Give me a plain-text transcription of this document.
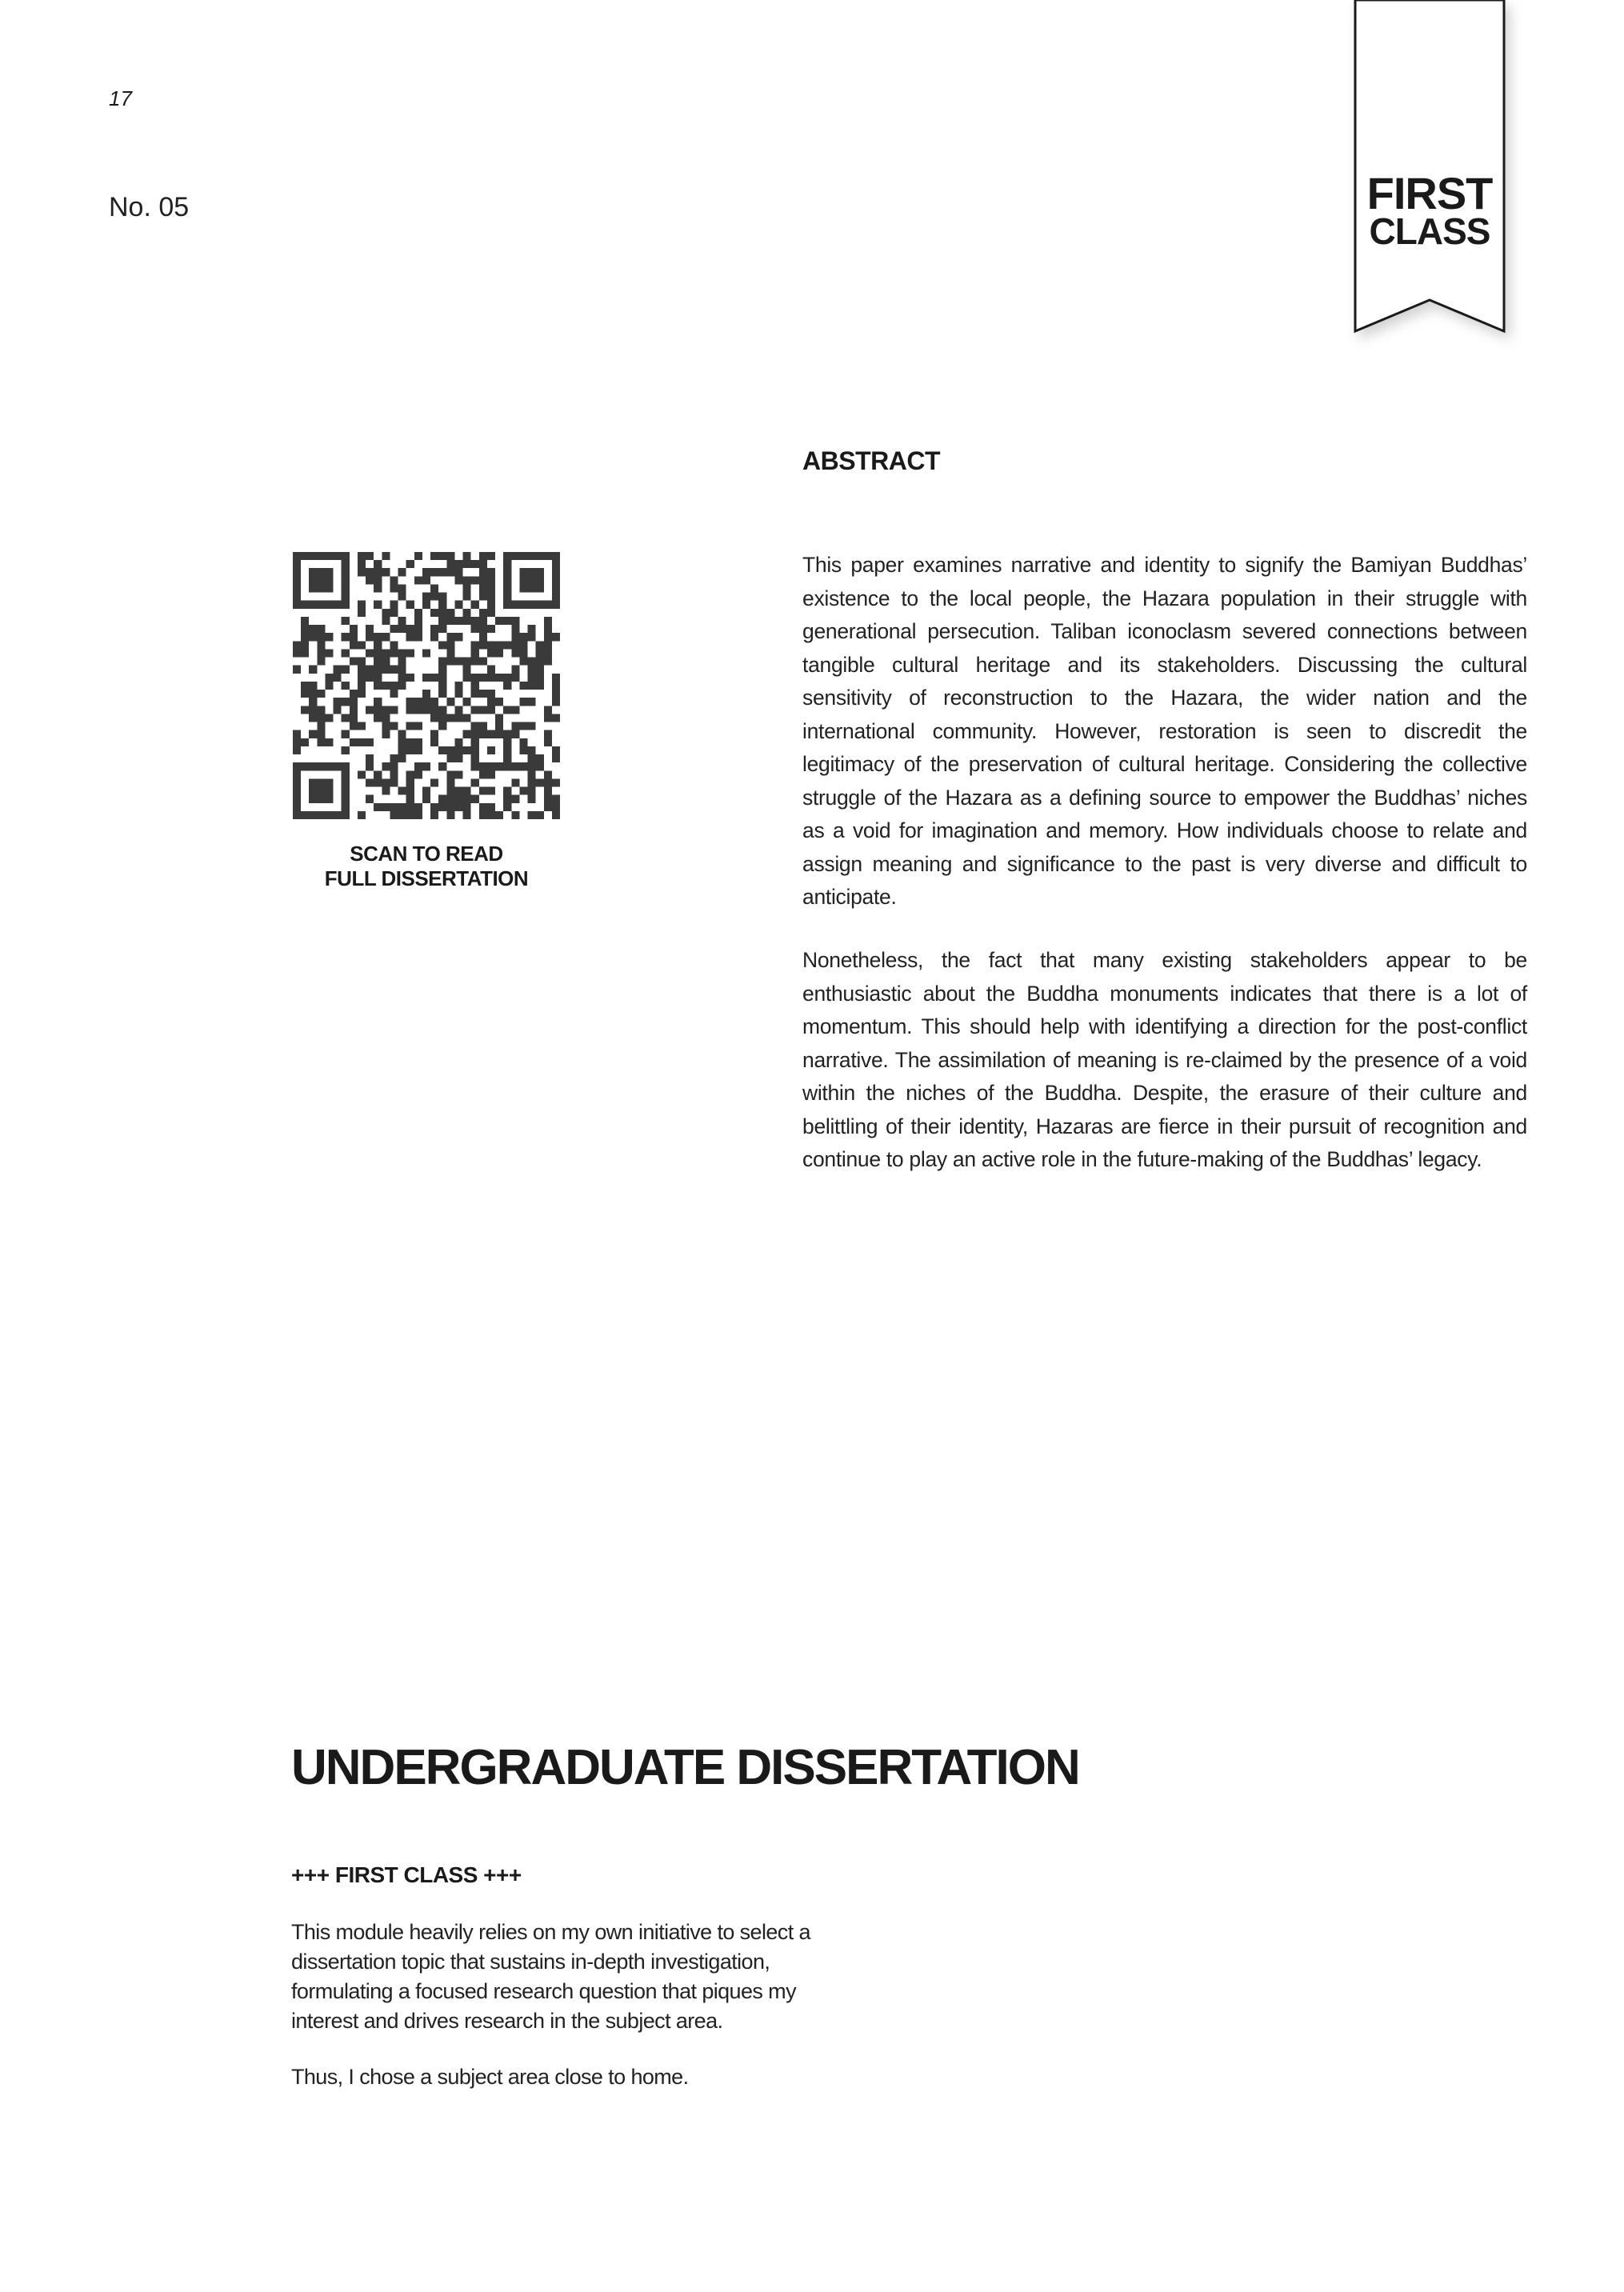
17
No. 05	FIRST
CLASS
ABSTRACT
SCAN TO READ
FULL DISSERTATION
This paper examines narrative and identity to signify the Bamiyan Buddhas’ existence to the local people, the Hazara population in their struggle with generational persecution. Taliban iconoclasm severed connections between tangible cultural heritage and its stakeholders. Discussing the cultural sensitivity of reconstruction to the Hazara, the wider nation and the international community. However, restoration is seen to discredit the legitimacy of the preservation of cultural heritage. Considering the collective struggle of the Hazara as a defining source to empower the Buddhas’ niches as a void for imagination and memory. How individuals choose to relate and assign meaning and significance to the past is very diverse and difficult to anticipate.
Nonetheless, the fact that many existing stakeholders appear to be enthusiastic about the Buddha monuments indicates that there is a lot of momentum. This should help with identifying a direction for the post-conflict narrative. The assimilation of meaning is re-claimed by the presence of a void within the niches of the Buddha. Despite, the erasure of their culture and belittling of their identity, Hazaras are fierce in their pursuit of recognition and continue to play an active role in the future-making of the Buddhas’ legacy.
UNDERGRADUATE DISSERTATION
+++ FIRST CLASS +++
This module heavily relies on my own initiative to select a dissertation topic that sustains in-depth investigation, formulating a focused research question that piques my interest and drives research in the subject area.
Thus, I chose a subject area close to home.
